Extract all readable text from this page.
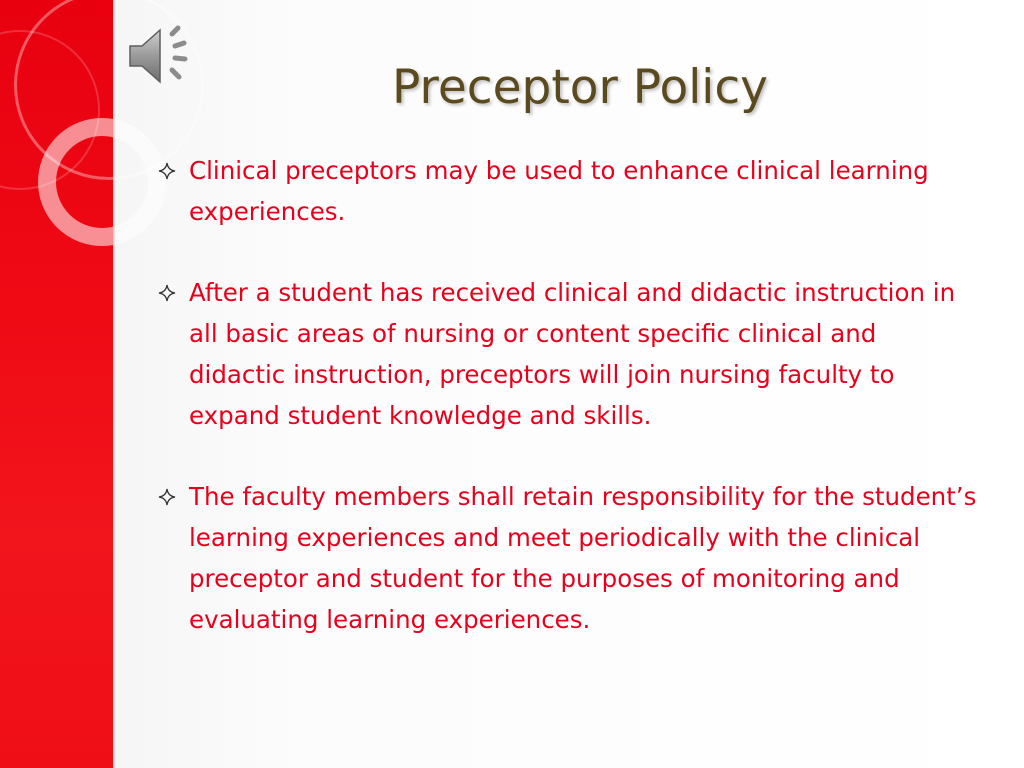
Preceptor Policy
Clinical preceptors may be used to enhance clinical learning experiences.
After a student has received clinical and didactic instruction in all basic areas of nursing or content specific clinical and didactic instruction, preceptors will join nursing faculty to expand student knowledge and skills.
The faculty members shall retain responsibility for the student’s learning experiences and meet periodically with the clinical preceptor and student for the purposes of monitoring and evaluating learning experiences.
